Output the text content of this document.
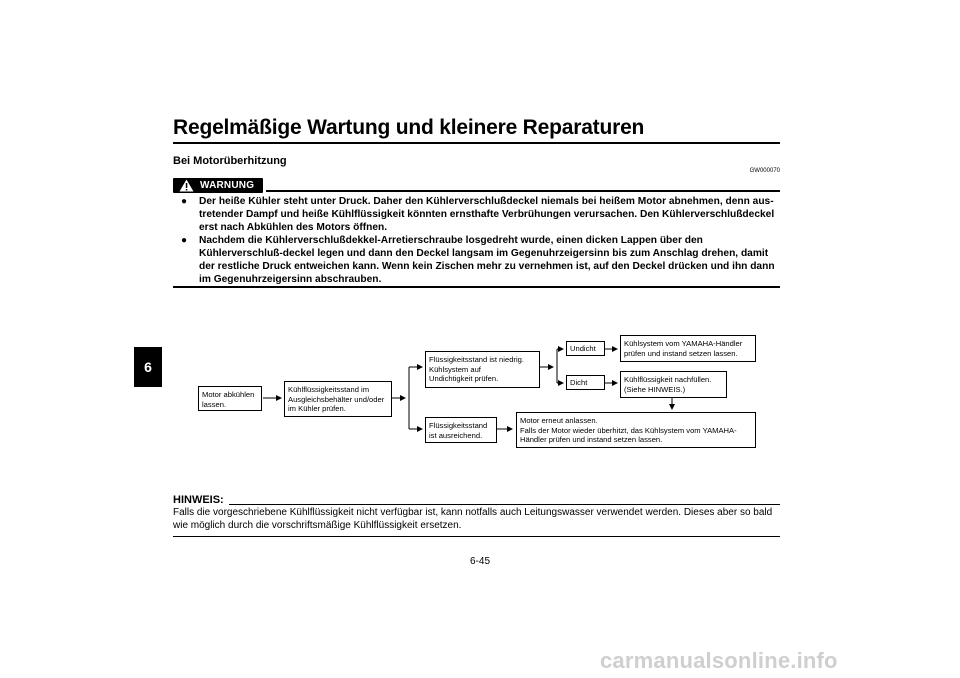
Regelmäßige Wartung und kleinere Reparaturen
Bei Motorüberhitzung
GW000070
6
WARNUNG
● Der heiße Kühler steht unter Druck. Daher den Kühlerverschlußdeckel niemals bei heißem Motor abnehmen, denn aus-tretender Dampf und heiße Kühlflüssigkeit könnten ernsthafte Verbrühungen verursachen. Den Kühlerverschlußdeckel erst nach Abkühlen des Motors öffnen.
● Nachdem die Kühlerverschlußdekkel-Arretierschraube losgedreht wurde, einen dicken Lappen über den Kühlerverschluß-deckel legen und dann den Deckel langsam im Gegenuhrzeigersinn bis zum Anschlag drehen, damit der restliche Druck entweichen kann. Wenn kein Zischen mehr zu vernehmen ist, auf den Deckel drücken und ihn dann im Gegenuhrzeigersinn abschrauben.
Motor abkühlen
lassen.
Kühlflüssigkeitsstand im
Ausgleichsbehälter und/oder
im Kühler prüfen.
Flüssigkeitsstand ist niedrig.
Kühlsystem auf
Undichtigkeit prüfen.
Flüssigkeitsstand
ist ausreichend.
Undicht
Dicht
Kühlsystem vom YAMAHA-Händler
prüfen und instand setzen lassen.
Kühlflüssigkeit nachfüllen.
(Siehe HINWEIS.)
Motor erneut anlassen.
Falls der Motor wieder überhitzt, das Kühlsystem vom YAMAHA-
Händler prüfen und instand setzen lassen.
HINWEIS:
Falls die vorgeschriebene Kühlflüssigkeit nicht verfügbar ist, kann notfalls auch Leitungswasser verwendet werden. Dieses aber so bald wie möglich durch die vorschriftsmäßige Kühlflüssigkeit ersetzen.
6-45
carmanualsonline.info
